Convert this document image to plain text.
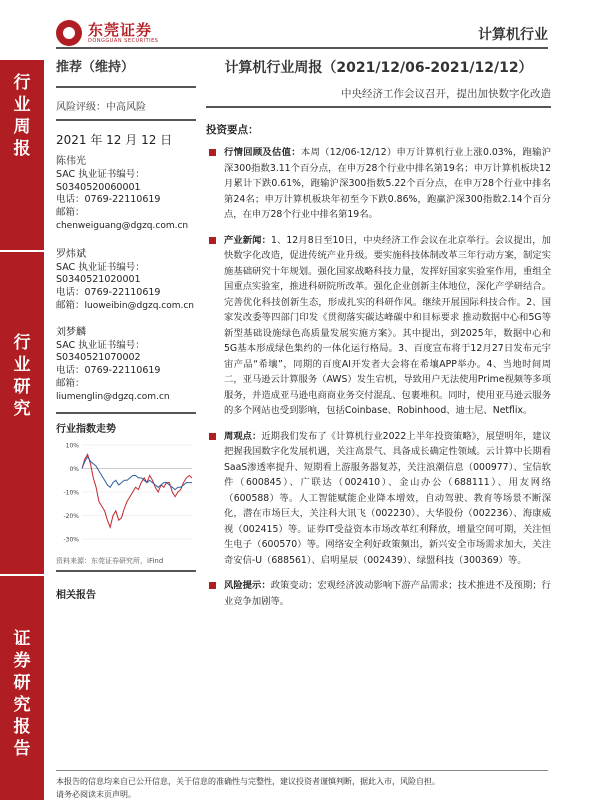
东莞证券
DONGGUAN SECURITIES	计算机行业
行业周报
行业研究
证券研究报告
推荐（维持）
风险评级：中高风险
2021 年 12 月 12 日
陈伟光
SAC 执业证书编号：
S0340520060001
电话：0769-22110619
邮箱：
chenweiguang@dgzq.com.cn
罗炜斌
SAC 执业证书编号：
S0340521020001
电话：0769-22110619
邮箱：luoweibin@dgzq.com.cn
刘梦麟
SAC 执业证书编号：
S0340521070002
电话：0769-22110619
邮箱：
liumenglin@dgzq.com.cn
行业指数走势
10%
0%
-10%
-20%
-30%
资料来源：东莞证券研究所，iFind
相关报告
计算机行业周报（2021/12/06-2021/12/12）
中央经济工作会议召开，提出加快数字化改造
投资要点：
行情回顾及估值：本周（12/06-12/12）申万计算机行业上涨0.03%，跑输沪深300指数3.11个百分点，在申万28个行业中排名第19名；申万计算机板块12月累计下跌0.61%，跑输沪深300指数5.22个百分点，在申万28个行业中排名第24名；申万计算机板块年初至今下跌0.86%，跑赢沪深300指数2.14个百分点，在申万28个行业中排名第19名。
产业新闻：1、12月8日至10日，中央经济工作会议在北京举行。会议提出，加快数字化改造，促进传统产业升级。要实施科技体制改革三年行动方案，制定实施基础研究十年规划。强化国家战略科技力量，发挥好国家实验室作用，重组全国重点实验室，推进科研院所改革。强化企业创新主体地位，深化产学研结合。完善优化科技创新生态，形成扎实的科研作风。继续开展国际科技合作。2、国家发改委等四部门印发《贯彻落实碳达峰碳中和目标要求 推动数据中心和5G等新型基础设施绿色高质量发展实施方案》。其中提出，到2025年，数据中心和5G基本形成绿色集约的一体化运行格局。3、百度宣布将于12月27日发布元宇宙产品“希壤”，同期的百度AI开发者大会将在希壤APP举办。4、当地时间周二，亚马逊云计算服务（AWS）发生宕机，导致用户无法使用Prime视频等多项服务，并造成亚马逊电商商业务交付混乱、包裹堆积。同时，使用亚马逊云服务的多个网站也受到影响，包括Coinbase、Robinhood、迪士尼、Netflix。
周观点：近期我们发布了《计算机行业2022上半年投资策略》，展望明年，建议把握我国数字化发展机遇，关注高景气、具备成长确定性领域。云计算中长期看SaaS渗透率提升、短期看上游服务器复苏，关注浪潮信息（000977）、宝信软件（600845）、广联达（002410）、金山办公（688111）、用友网络（600588）等。人工智能赋能企业降本增效，自动驾驶、教育等场景不断深化，潜在市场巨大，关注科大讯飞（002230）、大华股份（002236）、海康威视（002415）等。证券IT受益资本市场改革红利释放，增量空间可期，关注恒生电子（600570）等。网络安全利好政策频出，新兴安全市场需求加大，关注奇安信-U（688561）、启明星辰（002439）、绿盟科技（300369）等。
风险提示：政策变动；宏观经济波动影响下游产品需求；技术推进不及预期；行业竞争加剧等。
本报告的信息均来自已公开信息，关于信息的准确性与完整性，建议投资者谨慎判断，据此入市，风险自担。
请务必阅读末页声明。
